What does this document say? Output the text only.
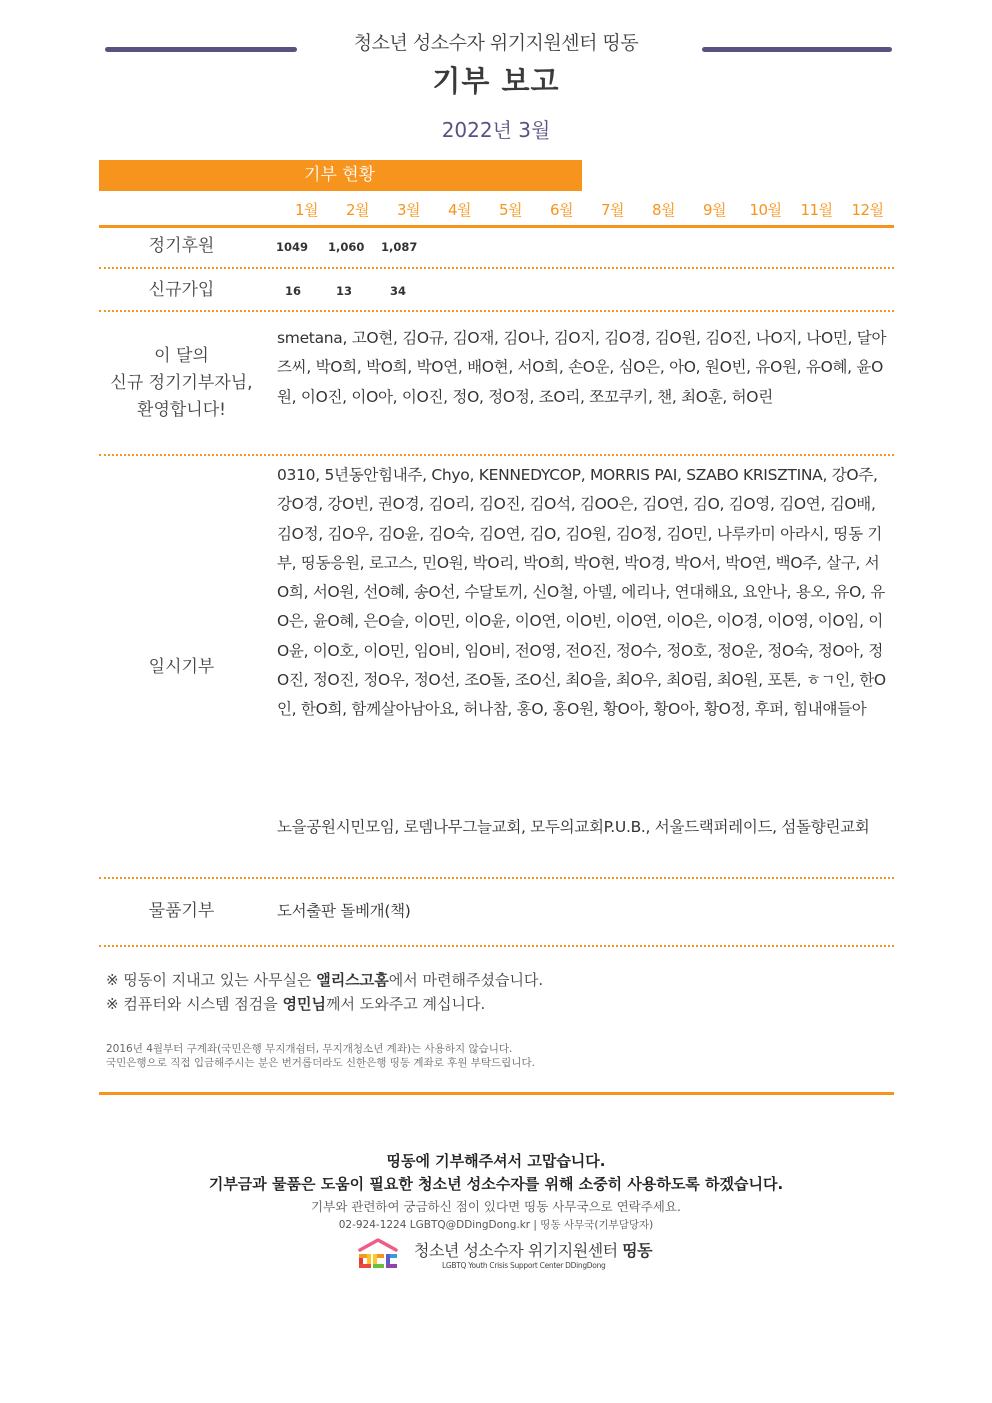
청소년 성소수자 위기지원센터 띵동
기부 보고
2022년 3월
기부 현황
1월	2월	3월	4월	5월	6월	7월	8월	9월	10월	11월	12월
정기후원	1049	1,060	1,087
신규가입	16	13	34
이 달의
신규 정기기부자님,
환영합니다!
smetana, 고O현, 김O규, 김O재, 김O나, 김O지, 김O경, 김O원, 김O진, 나O지, 나O민, 달아즈씨, 박O희, 박O희, 박O연, 배O현, 서O희, 손O운, 심O은, 아O, 원O빈, 유O원, 유O혜, 윤O원, 이O진, 이O아, 이O진, 정O, 정O정, 조O리, 쪼꼬쿠키, 챈, 최O훈, 허O린
일시기부
0310, 5년동안힘내주, Chyo, KENNEDYCOP, MORRIS PAI, SZABO KRISZTINA, 강O주, 강O경, 강O빈, 권O경, 김O리, 김O진, 김O석, 김OO은, 김O연, 김O, 김O영, 김O연, 김O배, 김O정, 김O우, 김O윤, 김O숙, 김O연, 김O, 김O원, 김O정, 김O민, 나루카미 아라시, 띵동 기부, 띵동응원, 로고스, 민O원, 박O리, 박O희, 박O현, 박O경, 박O서, 박O연, 백O주, 살구, 서O희, 서O원, 선O혜, 송O선, 수달토끼, 신O철, 아델, 에리나, 연대해요, 요안나, 용오, 유O, 유O은, 윤O혜, 은O슬, 이O민, 이O윤, 이O연, 이O빈, 이O연, 이O은, 이O경, 이O영, 이O임, 이O윤, 이O호, 이O민, 임O비, 임O비, 전O영, 전O진, 정O수, 정O호, 정O운, 정O숙, 정O아, 정O진, 정O진, 정O우, 정O선, 조O돌, 조O신, 최O을, 최O우, 최O림, 최O원, 포톤, ㅎㄱ인, 한O인, 한O희, 함께살아남아요, 허나참, 홍O, 홍O원, 황O아, 황O아, 황O정, 후퍼, 힘내얘들아
노을공원시민모임, 로뎀나무그늘교회, 모두의교회P.U.B., 서울드랙퍼레이드, 섬돌향린교회
물품기부	도서출판 돌베개(책)
※ 띵동이 지내고 있는 사무실은 앨리스고홈에서 마련해주셨습니다.
※ 컴퓨터와 시스템 점검을 영민님께서 도와주고 계십니다.
2016년 4월부터 구계좌(국민은행 무지개쉼터, 무지개청소년 계좌)는 사용하지 않습니다.
국민은행으로 직접 입금해주시는 분은 번거롭더라도 신한은행 띵동 계좌로 후원 부탁드립니다.
띵동에 기부해주셔서 고맙습니다.
기부금과 물품은 도움이 필요한 청소년 성소수자를 위해 소중히 사용하도록 하겠습니다.
기부와 관련하여 궁금하신 점이 있다면 띵동 사무국으로 연락주세요.
02-924-1224 LGBTQ@DDingDong.kr | 띵동 사무국(기부담당자)
청소년 성소수자 위기지원센터 띵동
LGBTQ Youth Crisis Support Center DDingDong
